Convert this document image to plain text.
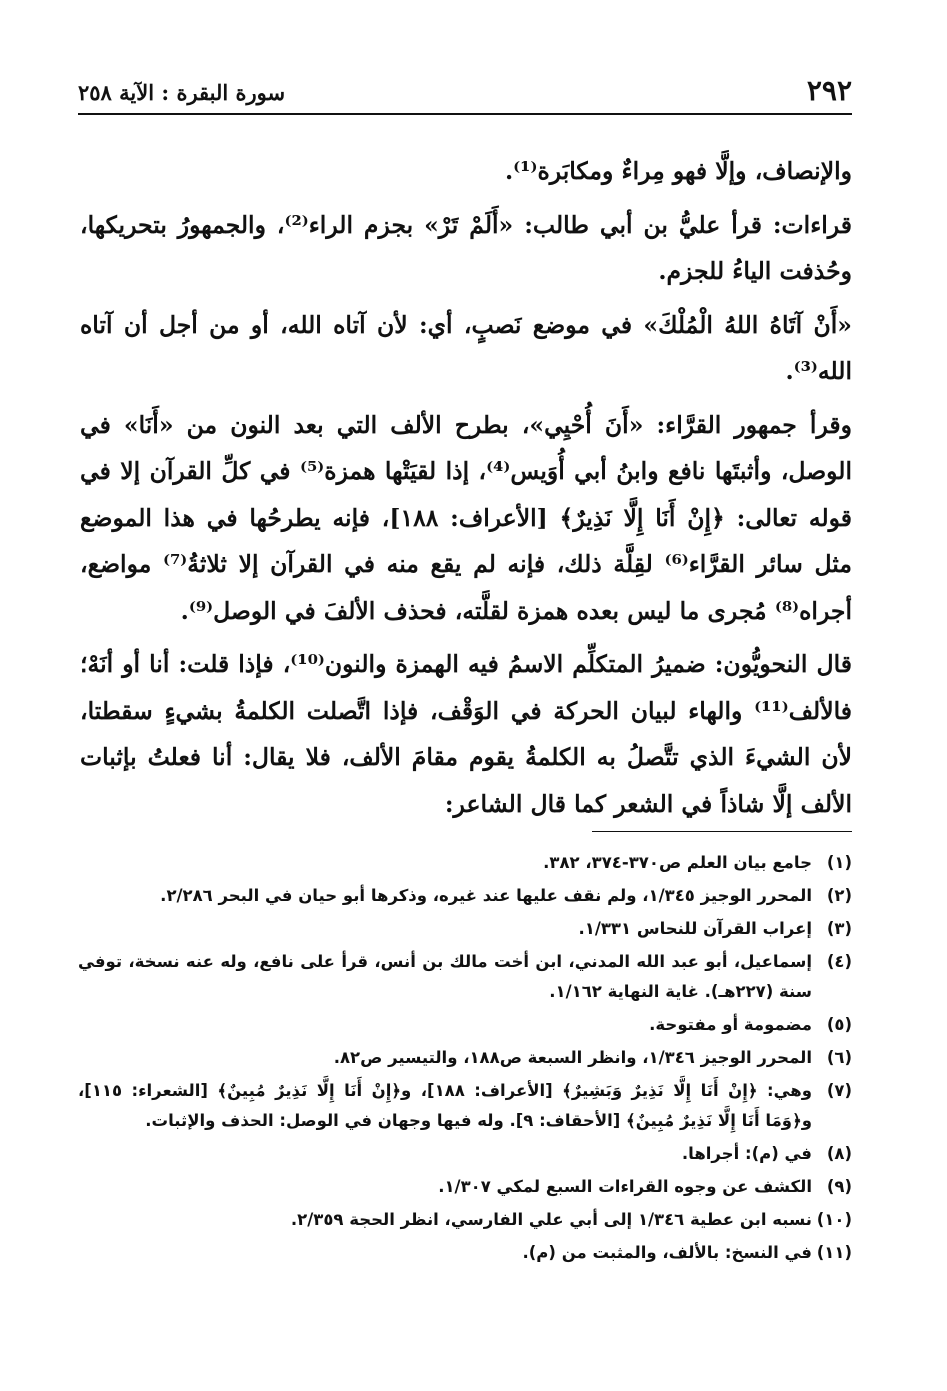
٢٩٢
سورة البقرة : الآية ٢٥٨

والإنصاف، وإلَّا فهو مِراءٌ ومكابَرة⁽¹⁾.

قراءات: قرأ عليُّ بن أبي طالب: «أَلَمْ تَرْ» بجزم الراء⁽²⁾، والجمهورُ بتحريكها، وحُذفت الياءُ للجزم.

«أَنْ آتَاهُ اللهُ الْمُلْكَ» في موضع نَصبٍ، أي: لأن آتاه الله، أو من أجل أن آتاه الله⁽³⁾.

وقرأ جمهور القرَّاء: «أَنَ أُحْيِي»، بطرح الألف التي بعد النون من «أَنَا» في الوصل، وأثبتَها نافع وابنُ أبي أُوَيس⁽⁴⁾، إذا لقيَتْها همزة⁽⁵⁾ في كلِّ القرآن إلا في قوله تعالى: ﴿إِنْ أَنَا إِلَّا نَذِيرٌ﴾ [الأعراف: ١٨٨]، فإنه يطرحُها في هذا الموضع مثل سائر القرَّاء⁽⁶⁾ لقِلَّة ذلك، فإنه لم يقع منه في القرآن إلا ثلاثةُ⁽⁷⁾ مواضع، أجراه⁽⁸⁾ مُجرى ما ليس بعده همزة لقلَّته، فحذف الألفَ في الوصل⁽⁹⁾.

قال النحويُّون: ضميرُ المتكلِّم الاسمُ فيه الهمزة والنون⁽¹⁰⁾، فإذا قلت: أنا أو أنَهْ؛ فالألف⁽¹¹⁾ والهاء لبيان الحركة في الوَقْف، فإذا اتَّصلت الكلمةُ بشيءٍ سقطتا، لأن الشيءَ الذي تتَّصلُ به الكلمةُ يقوم مقامَ الألف، فلا يقال: أنا فعلتُ بإثبات الألف إلَّا شاذاً في الشعر كما قال الشاعر:

(١)
جامع بيان العلم ص٣٧٠-٣٧٤، ٣٨٢.
(٢)
المحرر الوجيز ١/٣٤٥، ولم نقف عليها عند غيره، وذكرها أبو حيان في البحر ٢/٢٨٦.
(٣)
إعراب القرآن للنحاس ١/٣٣١.
(٤)
إسماعيل، أبو عبد الله المدني، ابن أخت مالك بن أنس، قرأ على نافع، وله عنه نسخة، توفي سنة (٢٢٧هـ). غاية النهاية ١/١٦٢.
(٥)
مضمومة أو مفتوحة.
(٦)
المحرر الوجيز ١/٣٤٦، وانظر السبعة ص١٨٨، والتيسير ص٨٢.
(٧)
وهي: ﴿إِنْ أَنَا إِلَّا نَذِيرٌ وَبَشِيرٌ﴾ [الأعراف: ١٨٨]، و﴿إِنْ أَنَا إِلَّا نَذِيرٌ مُبِينٌ﴾ [الشعراء: ١١٥]، و﴿وَمَا أَنَا إِلَّا نَذِيرٌ مُبِينٌ﴾ [الأحقاف: ٩]. وله فيها وجهان في الوصل: الحذف والإثبات.
(٨)
في (م): أجراها.
(٩)
الكشف عن وجوه القراءات السبع لمكي ١/٣٠٧.
(١٠)
نسبه ابن عطية ١/٣٤٦ إلى أبي علي الفارسي، انظر الحجة ٢/٣٥٩.
(١١)
في النسخ: بالألف، والمثبت من (م).
